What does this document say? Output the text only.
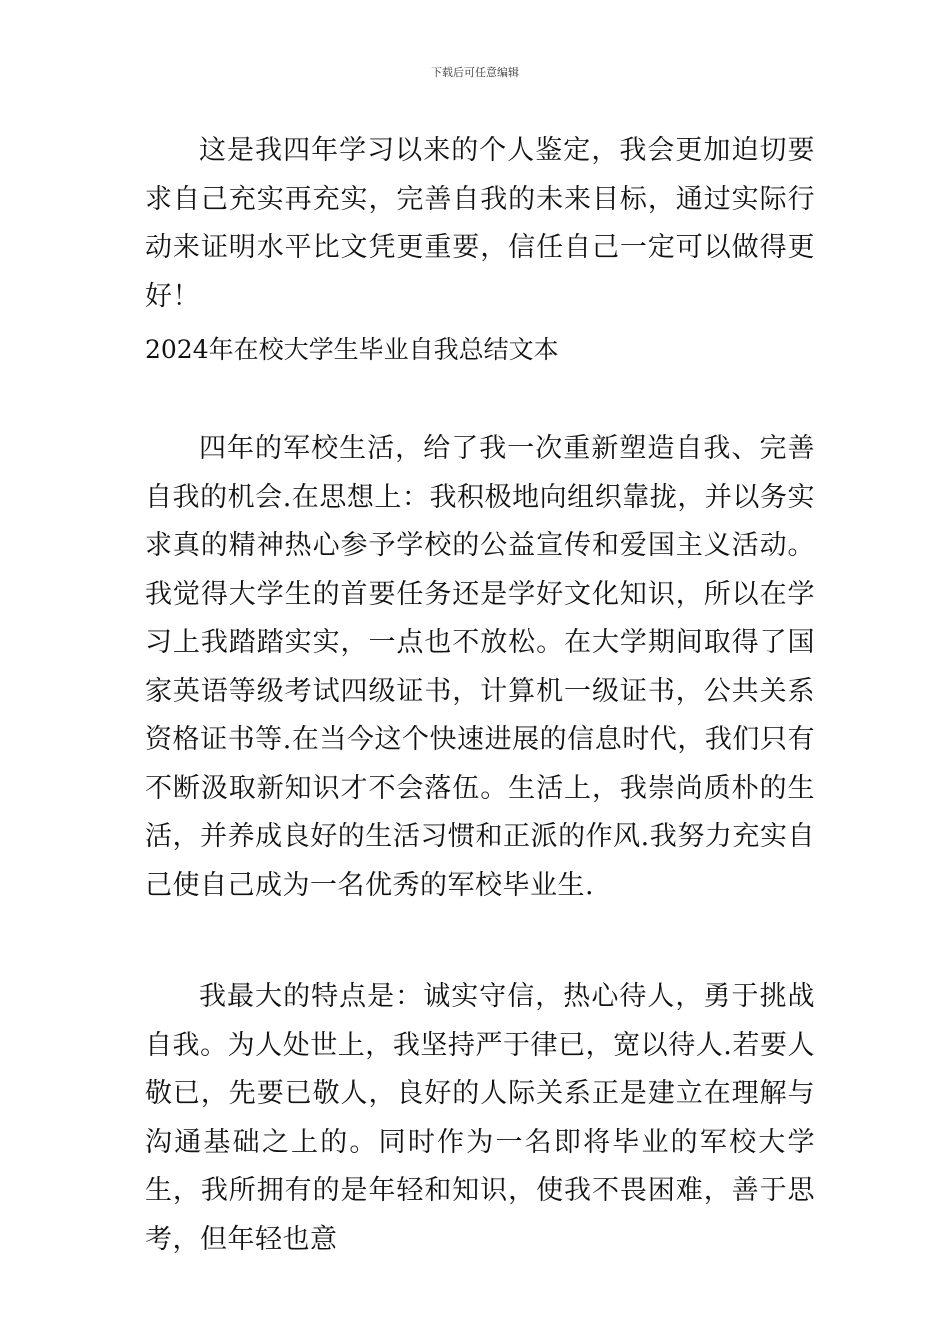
下载后可任意编辑

这是我四年学习以来的个人鉴定，我会更加迫切要求自己充实再充实，完善自我的未来目标，通过实际行动来证明水平比文凭更重要，信任自己一定可以做得更好！

2024年在校大学生毕业自我总结文本

四年的军校生活，给了我一次重新塑造自我、完善自我的机会.在思想上：我积极地向组织靠拢，并以务实求真的精神热心参予学校的公益宣传和爱国主义活动。我觉得大学生的首要任务还是学好文化知识，所以在学习上我踏踏实实，一点也不放松。在大学期间取得了国家英语等级考试四级证书，计算机一级证书，公共关系资格证书等.在当今这个快速进展的信息时代，我们只有不断汲取新知识才不会落伍。生活上，我崇尚质朴的生活，并养成良好的生活习惯和正派的作风.我努力充实自己使自己成为一名优秀的军校毕业生.

我最大的特点是：诚实守信，热心待人，勇于挑战自我。为人处世上，我坚持严于律已，宽以待人.若要人敬已，先要已敬人，良好的人际关系正是建立在理解与沟通基础之上的。同时作为一名即将毕业的军校大学生，我所拥有的是年轻和知识，使我不畏困难，善于思考，但年轻也意
